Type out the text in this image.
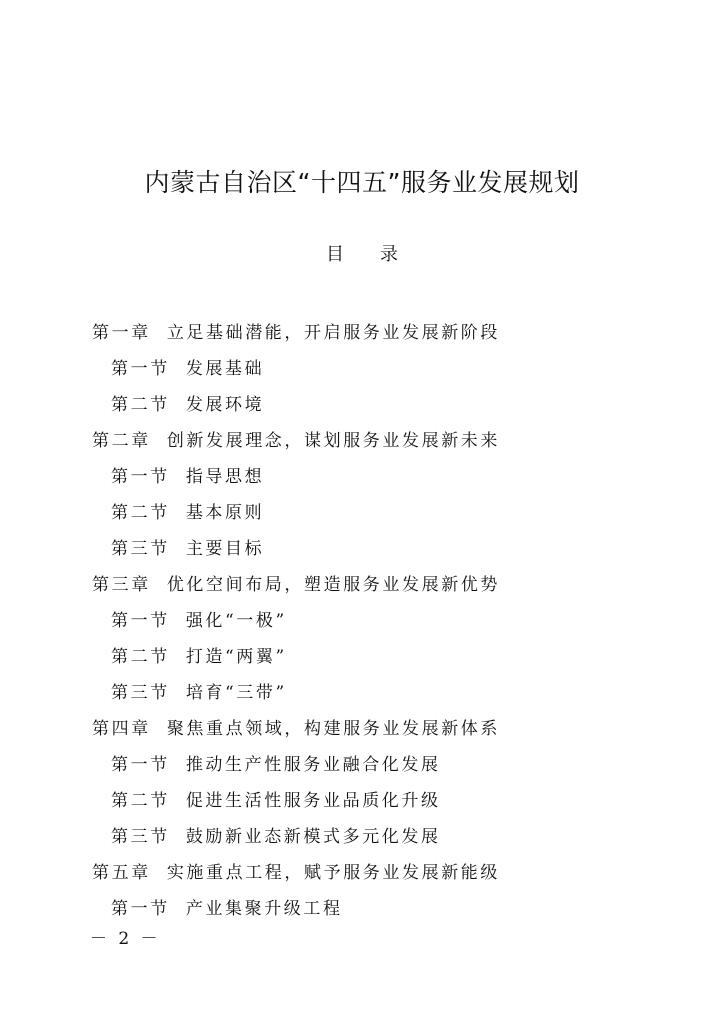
内蒙古自治区“十四五”服务业发展规划
目 录
第一章 立足基础潜能，开启服务业发展新阶段
第一节 发展基础
第二节 发展环境
第二章 创新发展理念，谋划服务业发展新未来
第一节 指导思想
第二节 基本原则
第三节 主要目标
第三章 优化空间布局，塑造服务业发展新优势
第一节 强化“一极”
第二节 打造“两翼”
第三节 培育“三带”
第四章 聚焦重点领域，构建服务业发展新体系
第一节 推动生产性服务业融合化发展
第二节 促进生活性服务业品质化升级
第三节 鼓励新业态新模式多元化发展
第五章 实施重点工程，赋予服务业发展新能级
第一节 产业集聚升级工程
－ 2 －
